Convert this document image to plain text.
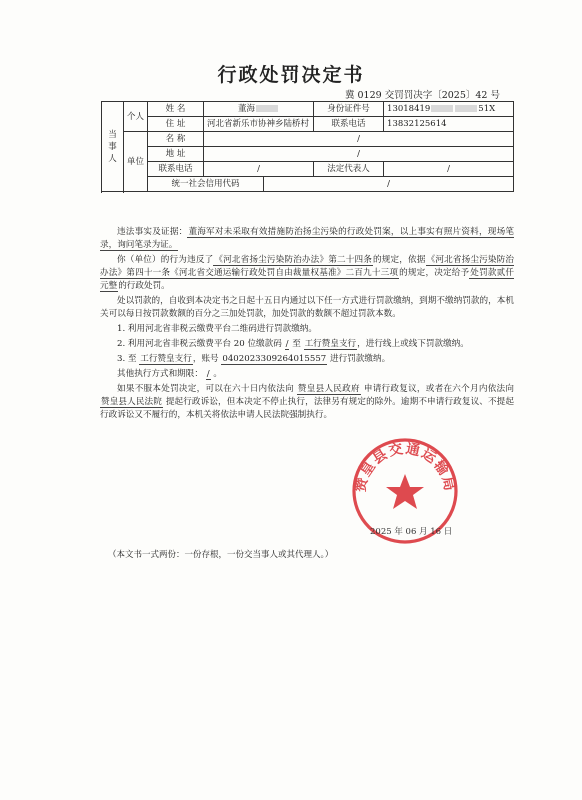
行政处罚决定书
冀 0129 交罚罚决字〔2025〕42 号
当事人	个人	姓 名	董海		身份证件号	13018419 51X
		住 址	河北省新乐市协神乡陆桥村		联系电话	13832125614

	单位	名 称	/			
		地 址	/			
		联系电话	/		法定代表人	/
		统一社会信用代码		/		

违法事实及证据：董海军对未采取有效措施防治扬尘污染的行政处罚案，以上事实有照片资料，现场笔录，询问笔录为证。

你（单位）的行为违反了《河北省扬尘污染防治办法》第二十四条的规定，依据《河北省扬尘污染防治办法》第四十一条《河北省交通运输行政处罚自由裁量权基准》二百九十三项的规定，决定给予处罚款贰仟元整的行政处罚。

处以罚款的，自收到本决定书之日起十五日内通过以下任一方式进行罚款缴纳，到期不缴纳罚款的，本机关可以每日按罚款数额的百分之三加处罚款，加处罚款的数额不超过罚款本数。

1. 利用河北省非税云缴费平台二维码进行罚款缴纳。

2. 利用河北省非税云缴费平台 20 位缴款码 / 至 工行赞皇支行，进行线上或线下罚款缴纳。

3. 至 工行赞皇支行，账号 0402023309264015557 进行罚款缴纳。

其他执行方式和期限： / 。

如果不服本处罚决定，可以在六十日内依法向 赞皇县人民政府 申请行政复议，或者在六个月内依法向 赞皇县人民法院 提起行政诉讼，但本决定不停止执行，法律另有规定的除外。逾期不申请行政复议、不提起行政诉讼又不履行的，本机关将依法申请人民法院强制执行。

赞皇县交通运输局
2025 年 06 月 16 日
（本文书一式两份：一份存根，一份交当事人或其代理人。）
